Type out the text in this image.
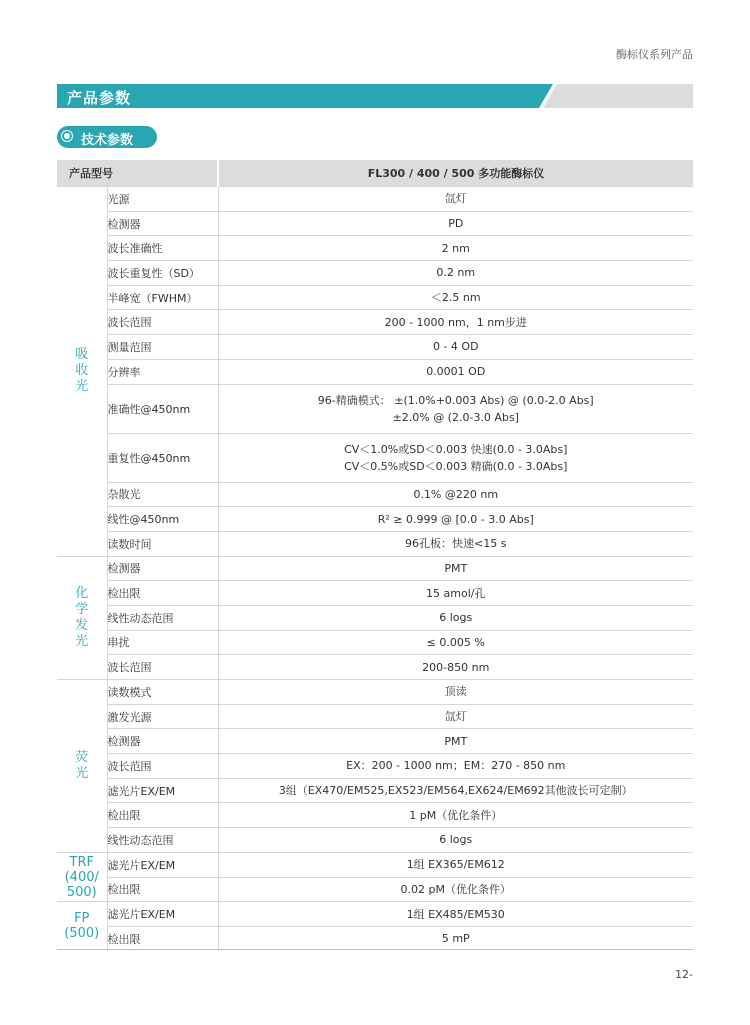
酶标仪系列产品
产品参数
技术参数
产品型号		FL300 / 400 / 500 多功能酶标仪
吸收光	光源	氙灯

	检测器	PD

	波长准确性	2 nm

	波长重复性（SD）	0.2 nm

	半峰宽（FWHM）	＜2.5 nm

	波长范围	200 - 1000 nm，1 nm步进

	测量范围	0 - 4 OD

	分辨率	0.0001 OD

	准确性@450nm	96-精确模式： ±(1.0%+0.003 Abs) @ (0.0-2.0 Abs]
±2.0% @ (2.0-3.0 Abs]

	重复性@450nm	CV＜1.0%或SD＜0.003 快速(0.0 - 3.0Abs]
CV＜0.5%或SD＜0.003 精确(0.0 - 3.0Abs]

	杂散光	0.1% @220 nm

	线性@450nm	R² ≥ 0.999 @ [0.0 - 3.0 Abs]

	读数时间	96孔板：快速<15 s

化学发光	检测器	PMT

	检出限	15 amol/孔

	线性动态范围	6 logs

	串扰	≤ 0.005 %

	波长范围	200-850 nm

荧光	读数模式	顶读

	激发光源	氙灯

	检测器	PMT

	波长范围	EX：200 - 1000 nm；EM：270 - 850 nm

	滤光片EX/EM	3组（EX470/EM525,EX523/EM564,EX624/EM692其他波长可定制）

	检出限	1 pM（优化条件）

	线性动态范围	6 logs

TRF
(400/
500)	滤光片EX/EM	1组 EX365/EM612

	检出限	0.02 pM（优化条件）

FP
(500)	滤光片EX/EM	1组 EX485/EM530

	检出限	5 mP
12-
